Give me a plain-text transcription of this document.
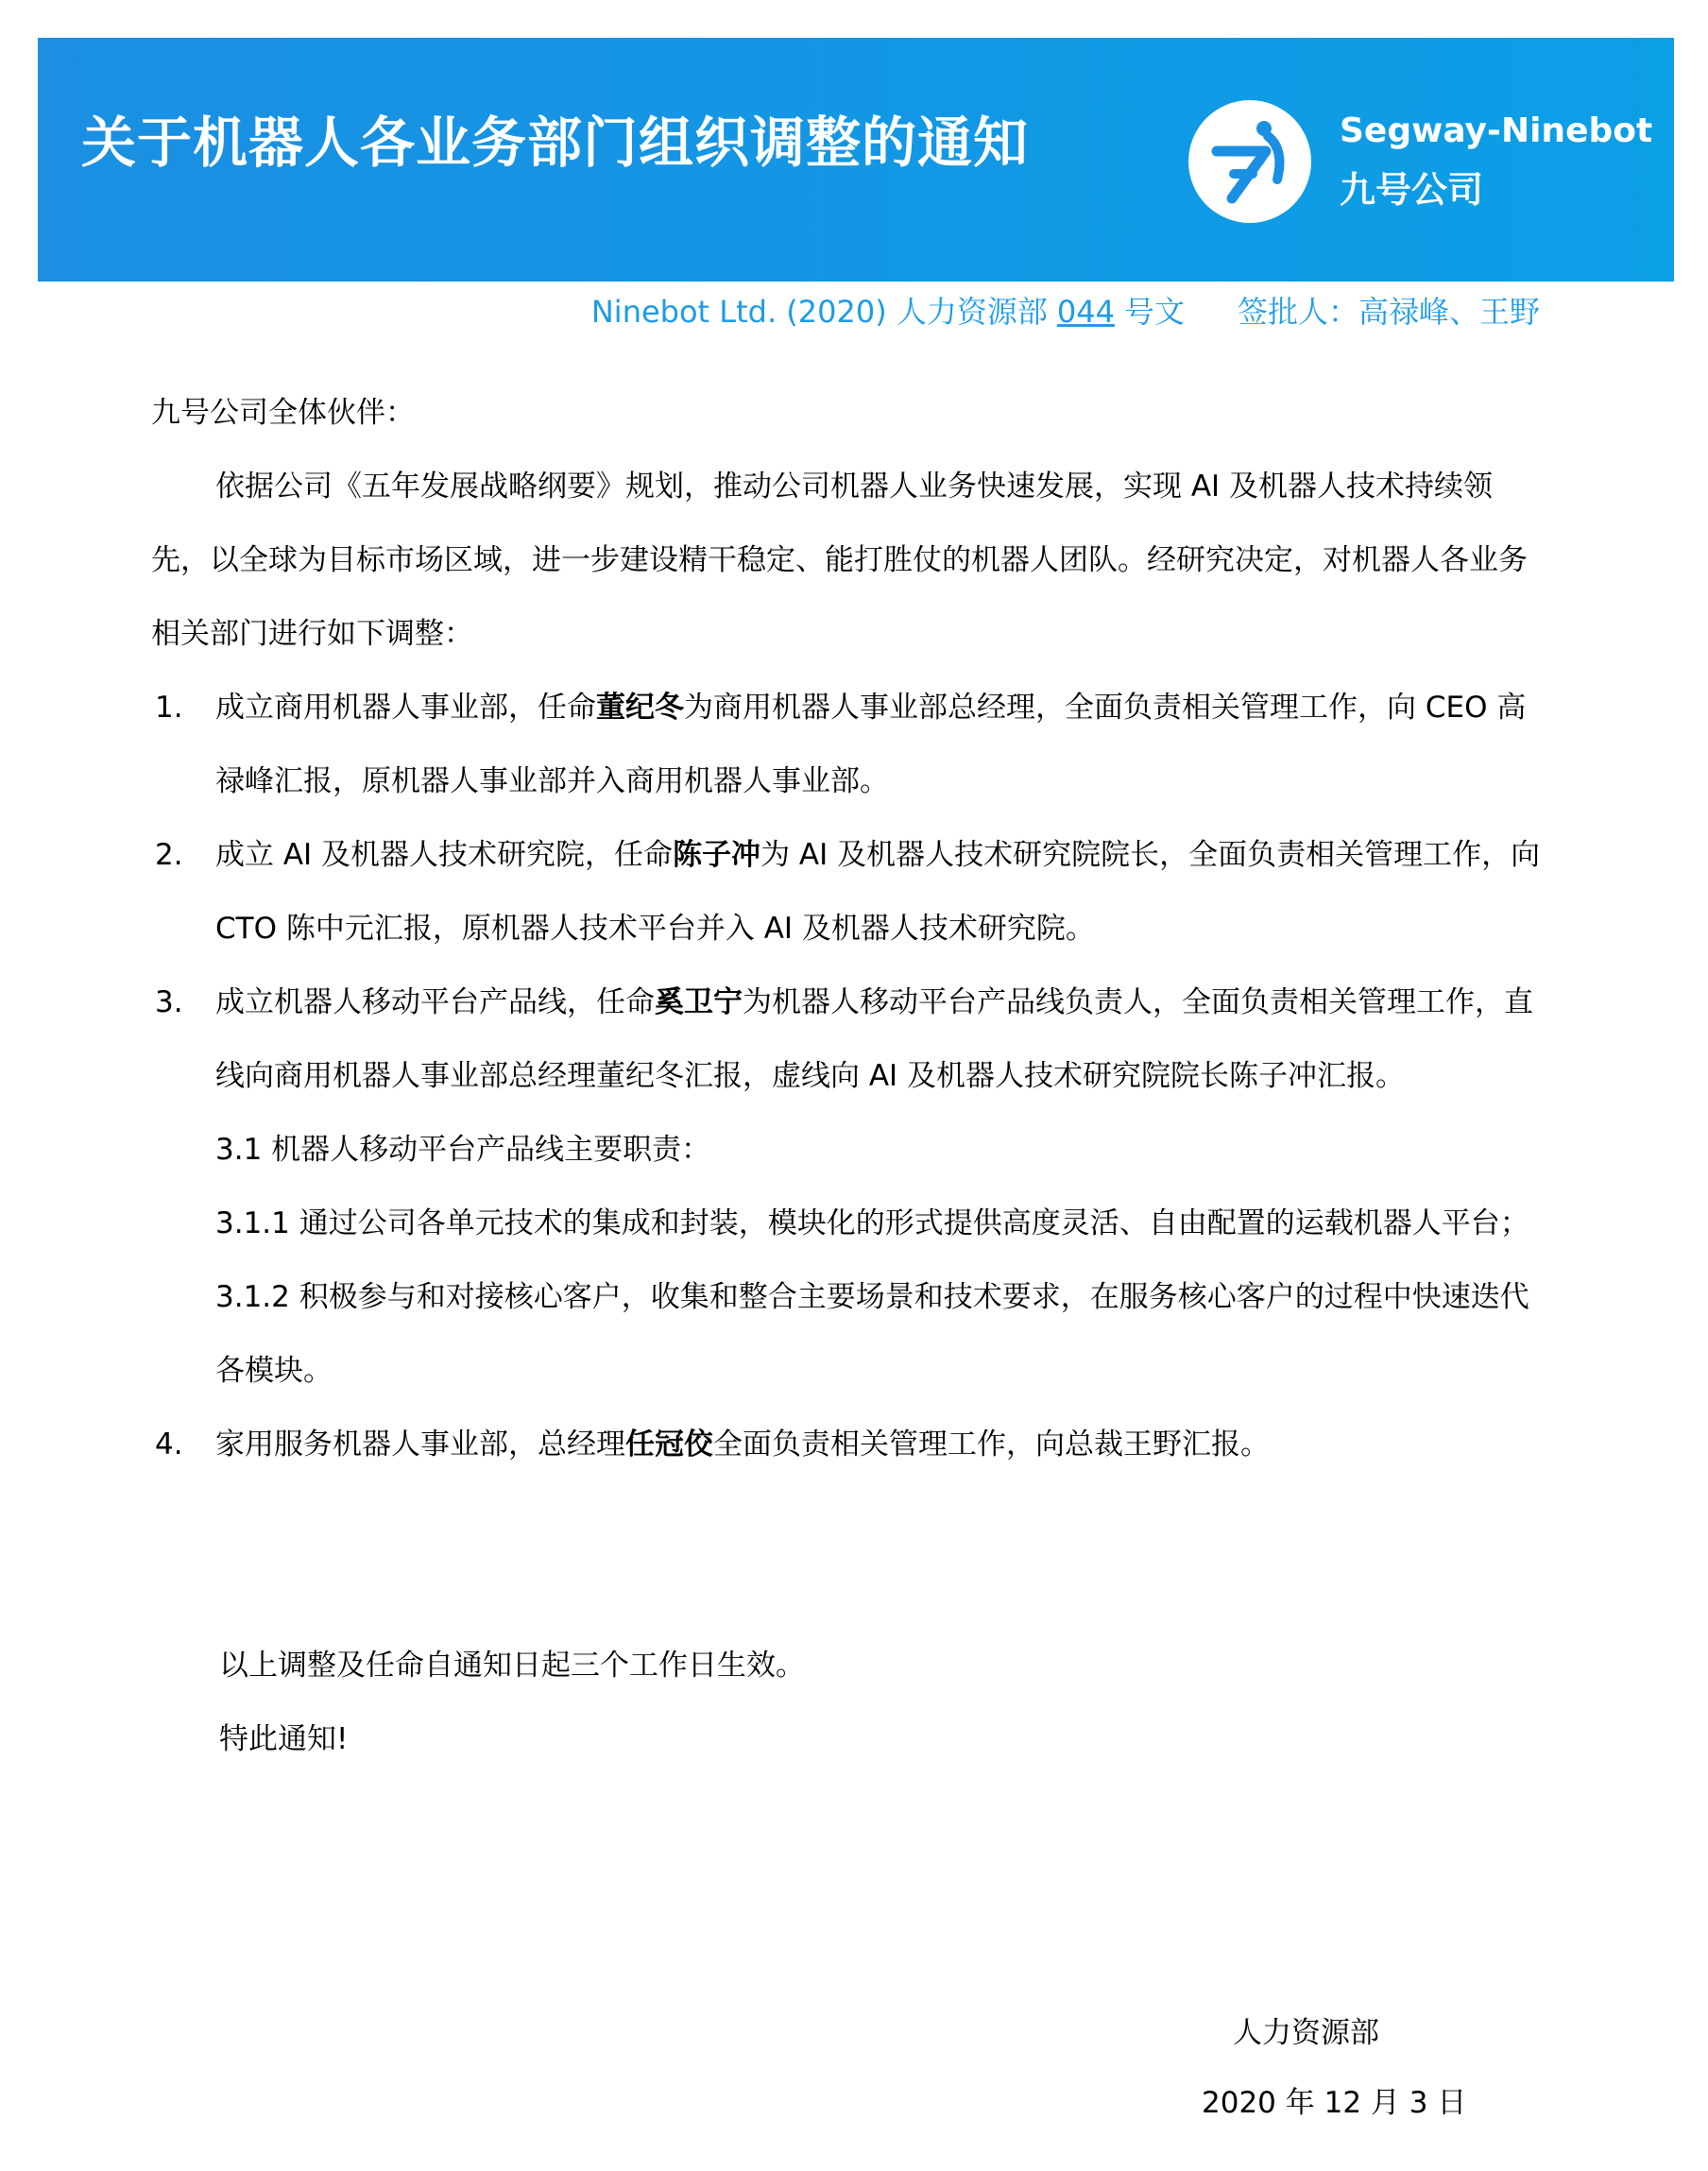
关于机器人各业务部门组织调整的通知	Segway-Ninebot
九号公司
Ninebot Ltd. (2020) 人力资源部 044 号文 签批人：高禄峰、王野

九号公司全体伙伴：

依据公司《五年发展战略纲要》规划，推动公司机器人业务快速发展，实现 AI 及机器人技术持续领先，以全球为目标市场区域，进一步建设精干稳定、能打胜仗的机器人团队。经研究决定，对机器人各业务相关部门进行如下调整：

1. 成立商用机器人事业部，任命董纪冬为商用机器人事业部总经理，全面负责相关管理工作，向 CEO 高禄峰汇报，原机器人事业部并入商用机器人事业部。
2. 成立 AI 及机器人技术研究院，任命陈子冲为 AI 及机器人技术研究院院长，全面负责相关管理工作，向 CTO 陈中元汇报，原机器人技术平台并入 AI 及机器人技术研究院。
3. 成立机器人移动平台产品线，任命奚卫宁为机器人移动平台产品线负责人，全面负责相关管理工作，直线向商用机器人事业部总经理董纪冬汇报，虚线向 AI 及机器人技术研究院院长陈子冲汇报。

3.1 机器人移动平台产品线主要职责：

3.1.1 通过公司各单元技术的集成和封装，模块化的形式提供高度灵活、自由配置的运载机器人平台；

3.1.2 积极参与和对接核心客户，收集和整合主要场景和技术要求，在服务核心客户的过程中快速迭代各模块。

4. 家用服务机器人事业部，总经理任冠佼全面负责相关管理工作，向总裁王野汇报。

以上调整及任命自通知日起三个工作日生效。

特此通知!

人力资源部
2020 年 12 月 3 日
